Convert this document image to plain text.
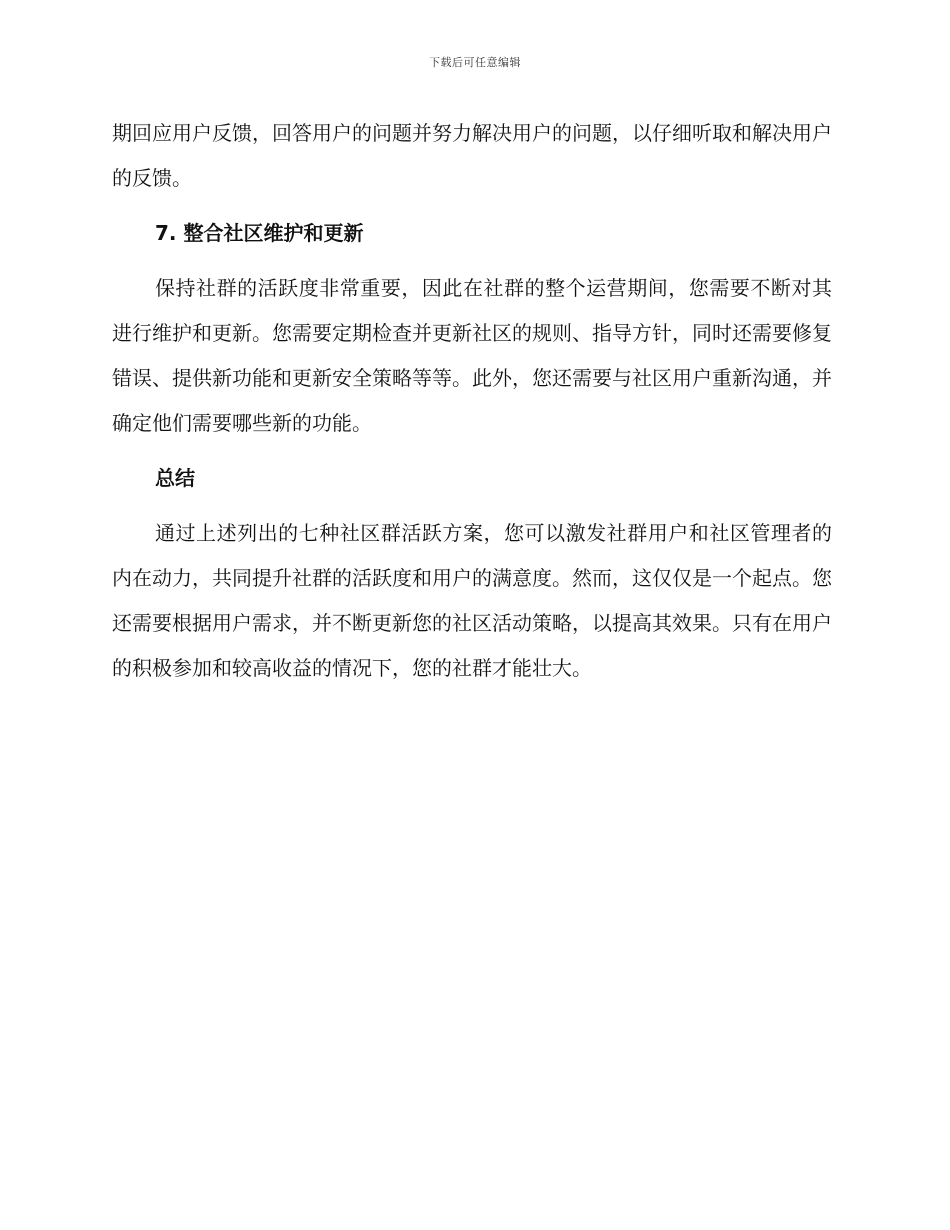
下载后可任意编辑

期回应用户反馈，回答用户的问题并努力解决用户的问题，以仔细听取和解决用户的反馈。

7. 整合社区维护和更新

保持社群的活跃度非常重要，因此在社群的整个运营期间，您需要不断对其进行维护和更新。您需要定期检查并更新社区的规则、指导方针，同时还需要修复错误、提供新功能和更新安全策略等等。此外，您还需要与社区用户重新沟通，并确定他们需要哪些新的功能。

总结

通过上述列出的七种社区群活跃方案，您可以激发社群用户和社区管理者的内在动力，共同提升社群的活跃度和用户的满意度。然而，这仅仅是一个起点。您还需要根据用户需求，并不断更新您的社区活动策略，以提高其效果。只有在用户的积极参加和较高收益的情况下，您的社群才能壮大。
